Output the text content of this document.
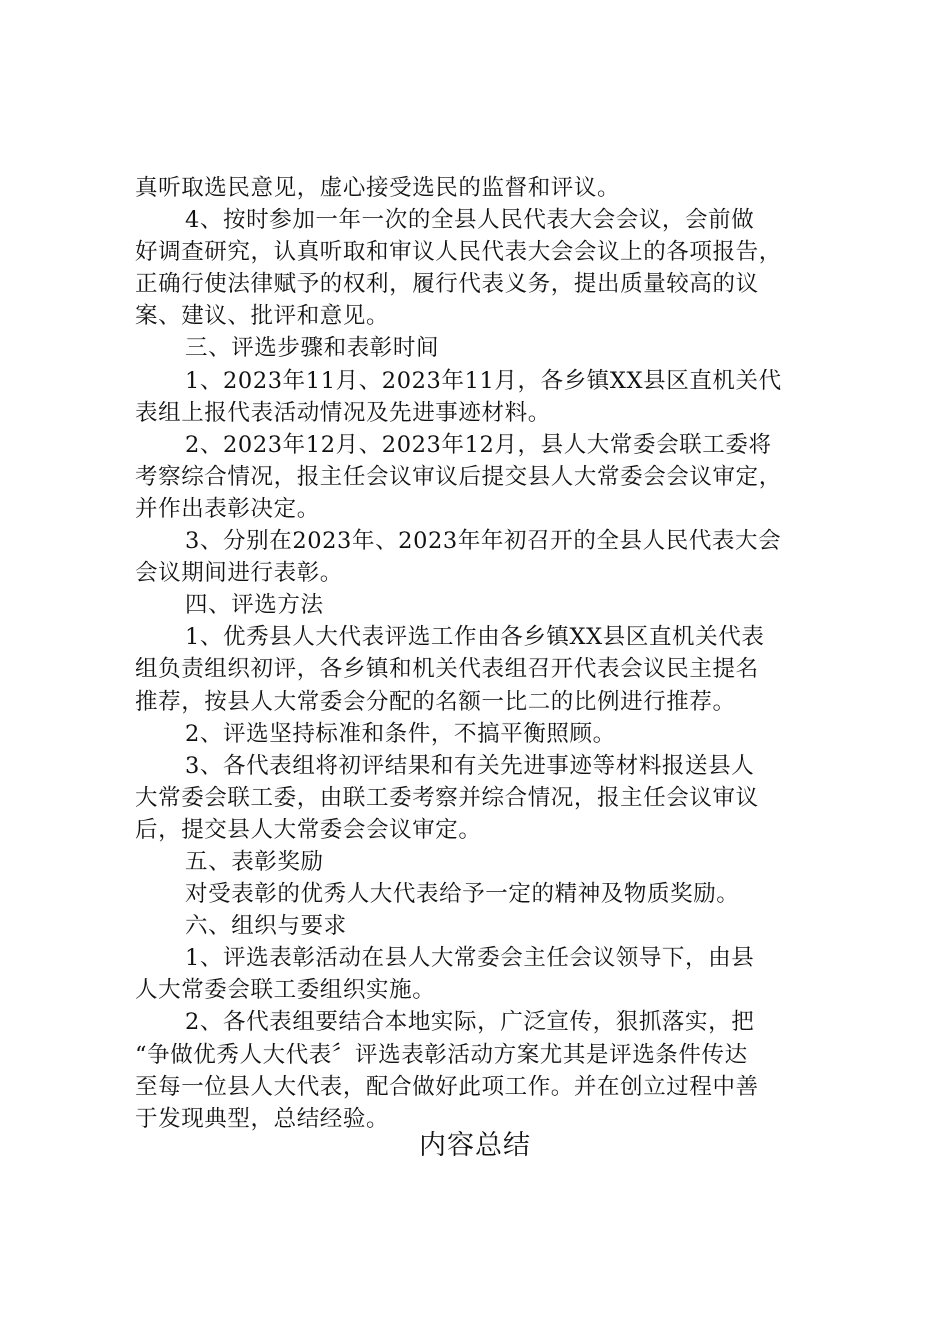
真听取选民意见，虚心接受选民的监督和评议。
4、按时参加一年一次的全县人民代表大会会议，会前做
好调查研究，认真听取和审议人民代表大会会议上的各项报告，
正确行使法律赋予的权利，履行代表义务，提出质量较高的议
案、建议、批评和意见。
三、评选步骤和表彰时间
1、2023年11月、2023年11月，各乡镇XX县区直机关代
表组上报代表活动情况及先进事迹材料。
2、2023年12月、2023年12月，县人大常委会联工委将
考察综合情况，报主任会议审议后提交县人大常委会会议审定，
并作出表彰决定。
3、分别在2023年、2023年年初召开的全县人民代表大会
会议期间进行表彰。
四、评选方法
1、优秀县人大代表评选工作由各乡镇XX县区直机关代表
组负责组织初评，各乡镇和机关代表组召开代表会议民主提名
推荐，按县人大常委会分配的名额一比二的比例进行推荐。
2、评选坚持标准和条件，不搞平衡照顾。
3、各代表组将初评结果和有关先进事迹等材料报送县人
大常委会联工委，由联工委考察并综合情况，报主任会议审议
后，提交县人大常委会会议审定。
五、表彰奖励
对受表彰的优秀人大代表给予一定的精神及物质奖励。
六、组织与要求
1、评选表彰活动在县人大常委会主任会议领导下，由县
人大常委会联工委组织实施。
2、各代表组要结合本地实际，广泛宣传，狠抓落实，把
“争做优秀人大代表〞评选表彰活动方案尤其是评选条件传达
至每一位县人大代表，配合做好此项工作。并在创立过程中善
于发现典型，总结经验。
内容总结
